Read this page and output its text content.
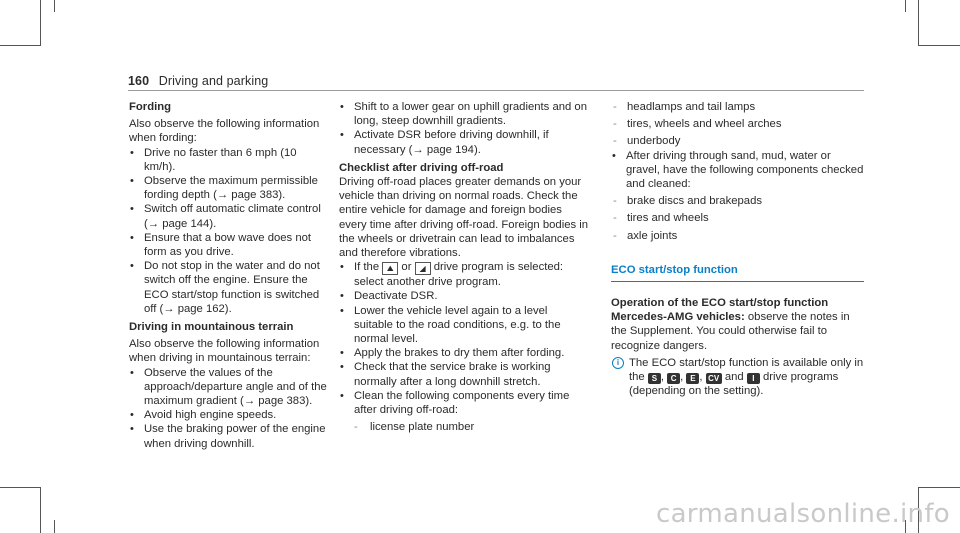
160 Driving and parking
Fording

Also observe the following information when fording:

• Drive no faster than 6 mph (10 km/h).
• Observe the maximum permissible fording depth (→ page 383).
• Switch off automatic climate control (→ page 144).
• Ensure that a bow wave does not form as you drive.
• Do not stop in the water and do not switch off the engine. Ensure the ECO start/stop function is switched off (→ page 162).
Driving in mountainous terrain

Also observe the following information when driving in mountainous terrain:

• Observe the values of the approach/departure angle and of the maximum gradient (→ page 383).
• Avoid high engine speeds.
• Use the braking power of the engine when driving downhill.
• Shift to a lower gear on uphill gradients and on long, steep downhill gradients.
• Activate DSR before driving downhill, if necessary (→ page 194).
Checklist after driving off-road

Driving off-road places greater demands on your vehicle than driving on normal roads. Check the entire vehicle for damage and foreign bodies every time after driving off-road. Foreign bodies in the wheels or drivetrain can lead to imbalances and therefore vibrations.

• If the ⛰ or ◢ drive program is selected: select another drive program.
• Deactivate DSR.
• Lower the vehicle level again to a level suitable to the road conditions, e.g. to the normal level.
• Apply the brakes to dry them after fording.
• Check that the service brake is working normally after a long downhill stretch.
• Clean the following components every time after driving off-road:
- license plate number
- headlamps and tail lamps
- tires, wheels and wheel arches
- underbody
• After driving through sand, mud, water or gravel, have the following components checked and cleaned:
- brake discs and brakepads
- tires and wheels
- axle joints
ECO start/stop function

Operation of the ECO start/stop function Mercedes-AMG vehicles: observe the notes in the Supplement. You could otherwise fail to recognize dangers.

i The ECO start/stop function is available only in the S , C , E , CV and I drive programs (depending on the setting).
carmanualsonline.info
